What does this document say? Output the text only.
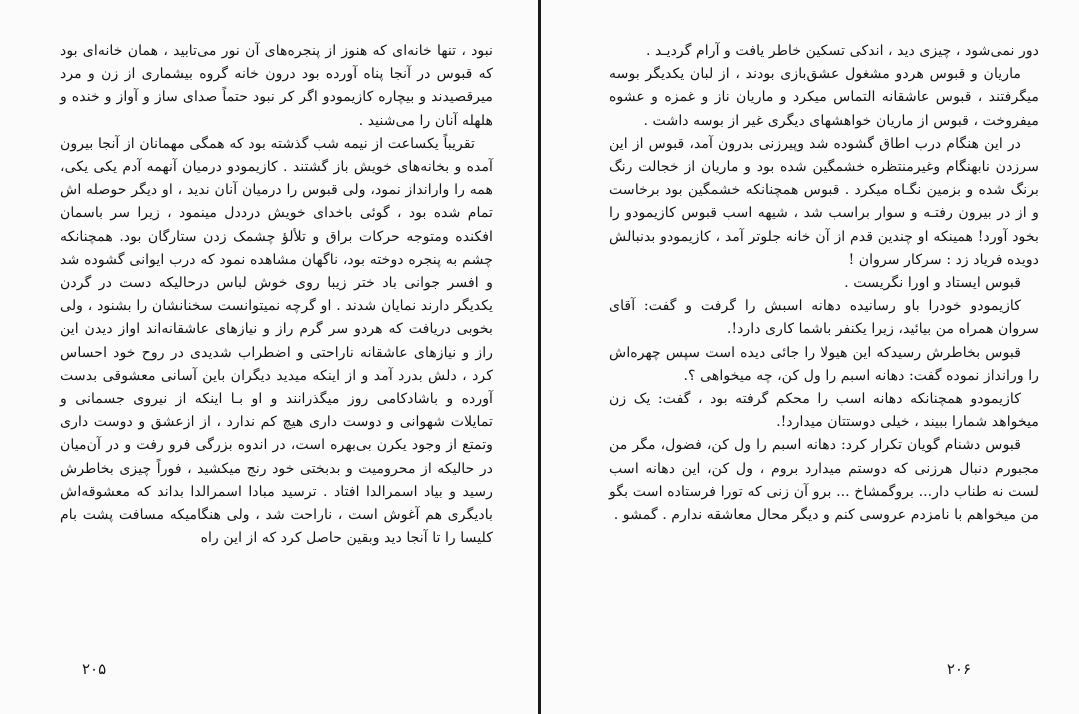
نبود ، تنها خانه‌ای که هنوز از پنجره‌های آن نور می‌تابید ، همان خانه‌ای بود که قبوس در آنجا پناه آورده بود درون خانه گروه بیشماری از زن و مرد میرقصیدند و بیچاره کازیمودو اگر کر نبود حتماً صدای ساز و آواز و خنده و هلهله آنان را می‌شنید .

تقریباً یکساعت از نیمه شب گذشته بود که همگی مهمانان از آنجا بیرون آمده و بخانه‌های خویش باز گشتند . کازیمودو درمیان آنهمه آدم یکی یکی، همه را وارانداز نمود، ولی قبوس را درمیان آنان ندید ، او دیگر حوصله اش تمام شده بود ، گوئی باخدای خویش درددل مینمود ، زیرا سر باسمان افکنده ومتوجه حرکات براق و تلألؤ چشمک زدن ستارگان بود. همچنانکه چشم به پنجره دوخته بود، ناگهان مشاهده نمود که درب ایوانی گشوده شد و افسر جوانی باد ختر زیبا روی خوش لباس درحالیکه دست در گردن یکدیگر دارند نمایان شدند . او گرچه نمیتوانست سخنانشان را بشنود ، ولی بخوبی دریافت که هردو سر گرم راز و نیازهای عاشقانه‌اند اواز دیدن این راز و نیازهای عاشقانه ناراحتی و اضطراب شدیدی در روح خود احساس کرد ، دلش بدرد آمد و از اینکه میدید دیگران باین آسانی معشوقی بدست آورده و باشادکامی روز میگذرانند و او بـا اینکه از نیروی جسمانی و تمایلات شهوانی و دوست داری هیچ کم ندارد ، از ازعشق و دوست داری وتمتع از وجود یکرن بی‌بهره است، در اندوه بزرگی فرو رفت و در آن‌میان در حالیکه از محرومیت و بدبختی خود رنج میکشید ، فوراً چیزی بخاطرش رسید و بیاد اسمرالدا افتاد . ترسید مبادا اسمرالدا بداند که معشوقه‌اش بادیگری هم آغوش است ، ناراحت شد ، ولی هنگامیکه مسافت پشت بام کلیسا را تا آنجا دید وبقین حاصل کرد که از این راه

۲۰۵

دور نمی‌شود ، چیزی دید ، اندکی تسکین خاطر یافت و آرام گردیـد .

ماریان و قبوس هردو مشغول عشق‌بازی بودند ، از لبان یکدیگر بوسه میگرفتند ، قبوس عاشقانه التماس میکرد و ماریان ناز و غمزه و عشوه میفروخت ، قبوس از ماریان خواهشهای دیگری غیر از بوسه داشت .

در این هنگام درب اطاق گشوده شد وپیرزنی بدرون آمد، قبوس از این سرزدن نابهنگام وغیرمنتظره خشمگین شده بود و ماریان از خجالت رنگ برنگ شده و بزمین نگـاه میکرد . قبوس همچنانکه خشمگین بود برخاست و از در بیرون رفتـه و سوار براسب شد ، شیهه اسب قبوس کازیمودو را بخود آورد! همینکه او چندین قدم از آن خانه جلوتر آمد ، کازیمودو بدنبالش دویده فریاد زد : سرکار سروان !

قبوس ایستاد و اورا نگریست .

کازیمودو خودرا باو رسانیده دهانه اسبش را گرفت و گفت: آقای سروان همراه من بیائید، زیرا یکنفر باشما کاری دارد!.

قبوس بخاطرش رسیدکه این هیولا را جائی دیده است سپس چهره‌اش را ورانداز نموده گفت: دهانه اسبم را ول کن، چه میخواهی ؟.

کازیمودو همچنانکه دهانه اسب را محکم گرفته بود ، گفت: یک زن میخواهد شمارا ببیند ، خیلی دوستتان میدارد!.

قبوس دشنام گویان تکرار کرد: دهانه اسبم را ول کن، فضول، مگر من مجبورم دنبال هرزنی که دوستم میدارد بروم ، ول کن، این دهانه اسب لست نه طناب دار... بروگمشاخ ... برو آن زنی که تورا فرستاده است بگو من میخواهم با نامزدم عروسی کنم و دیگر محال معاشقه ندارم . گمشو .

۲۰۶
